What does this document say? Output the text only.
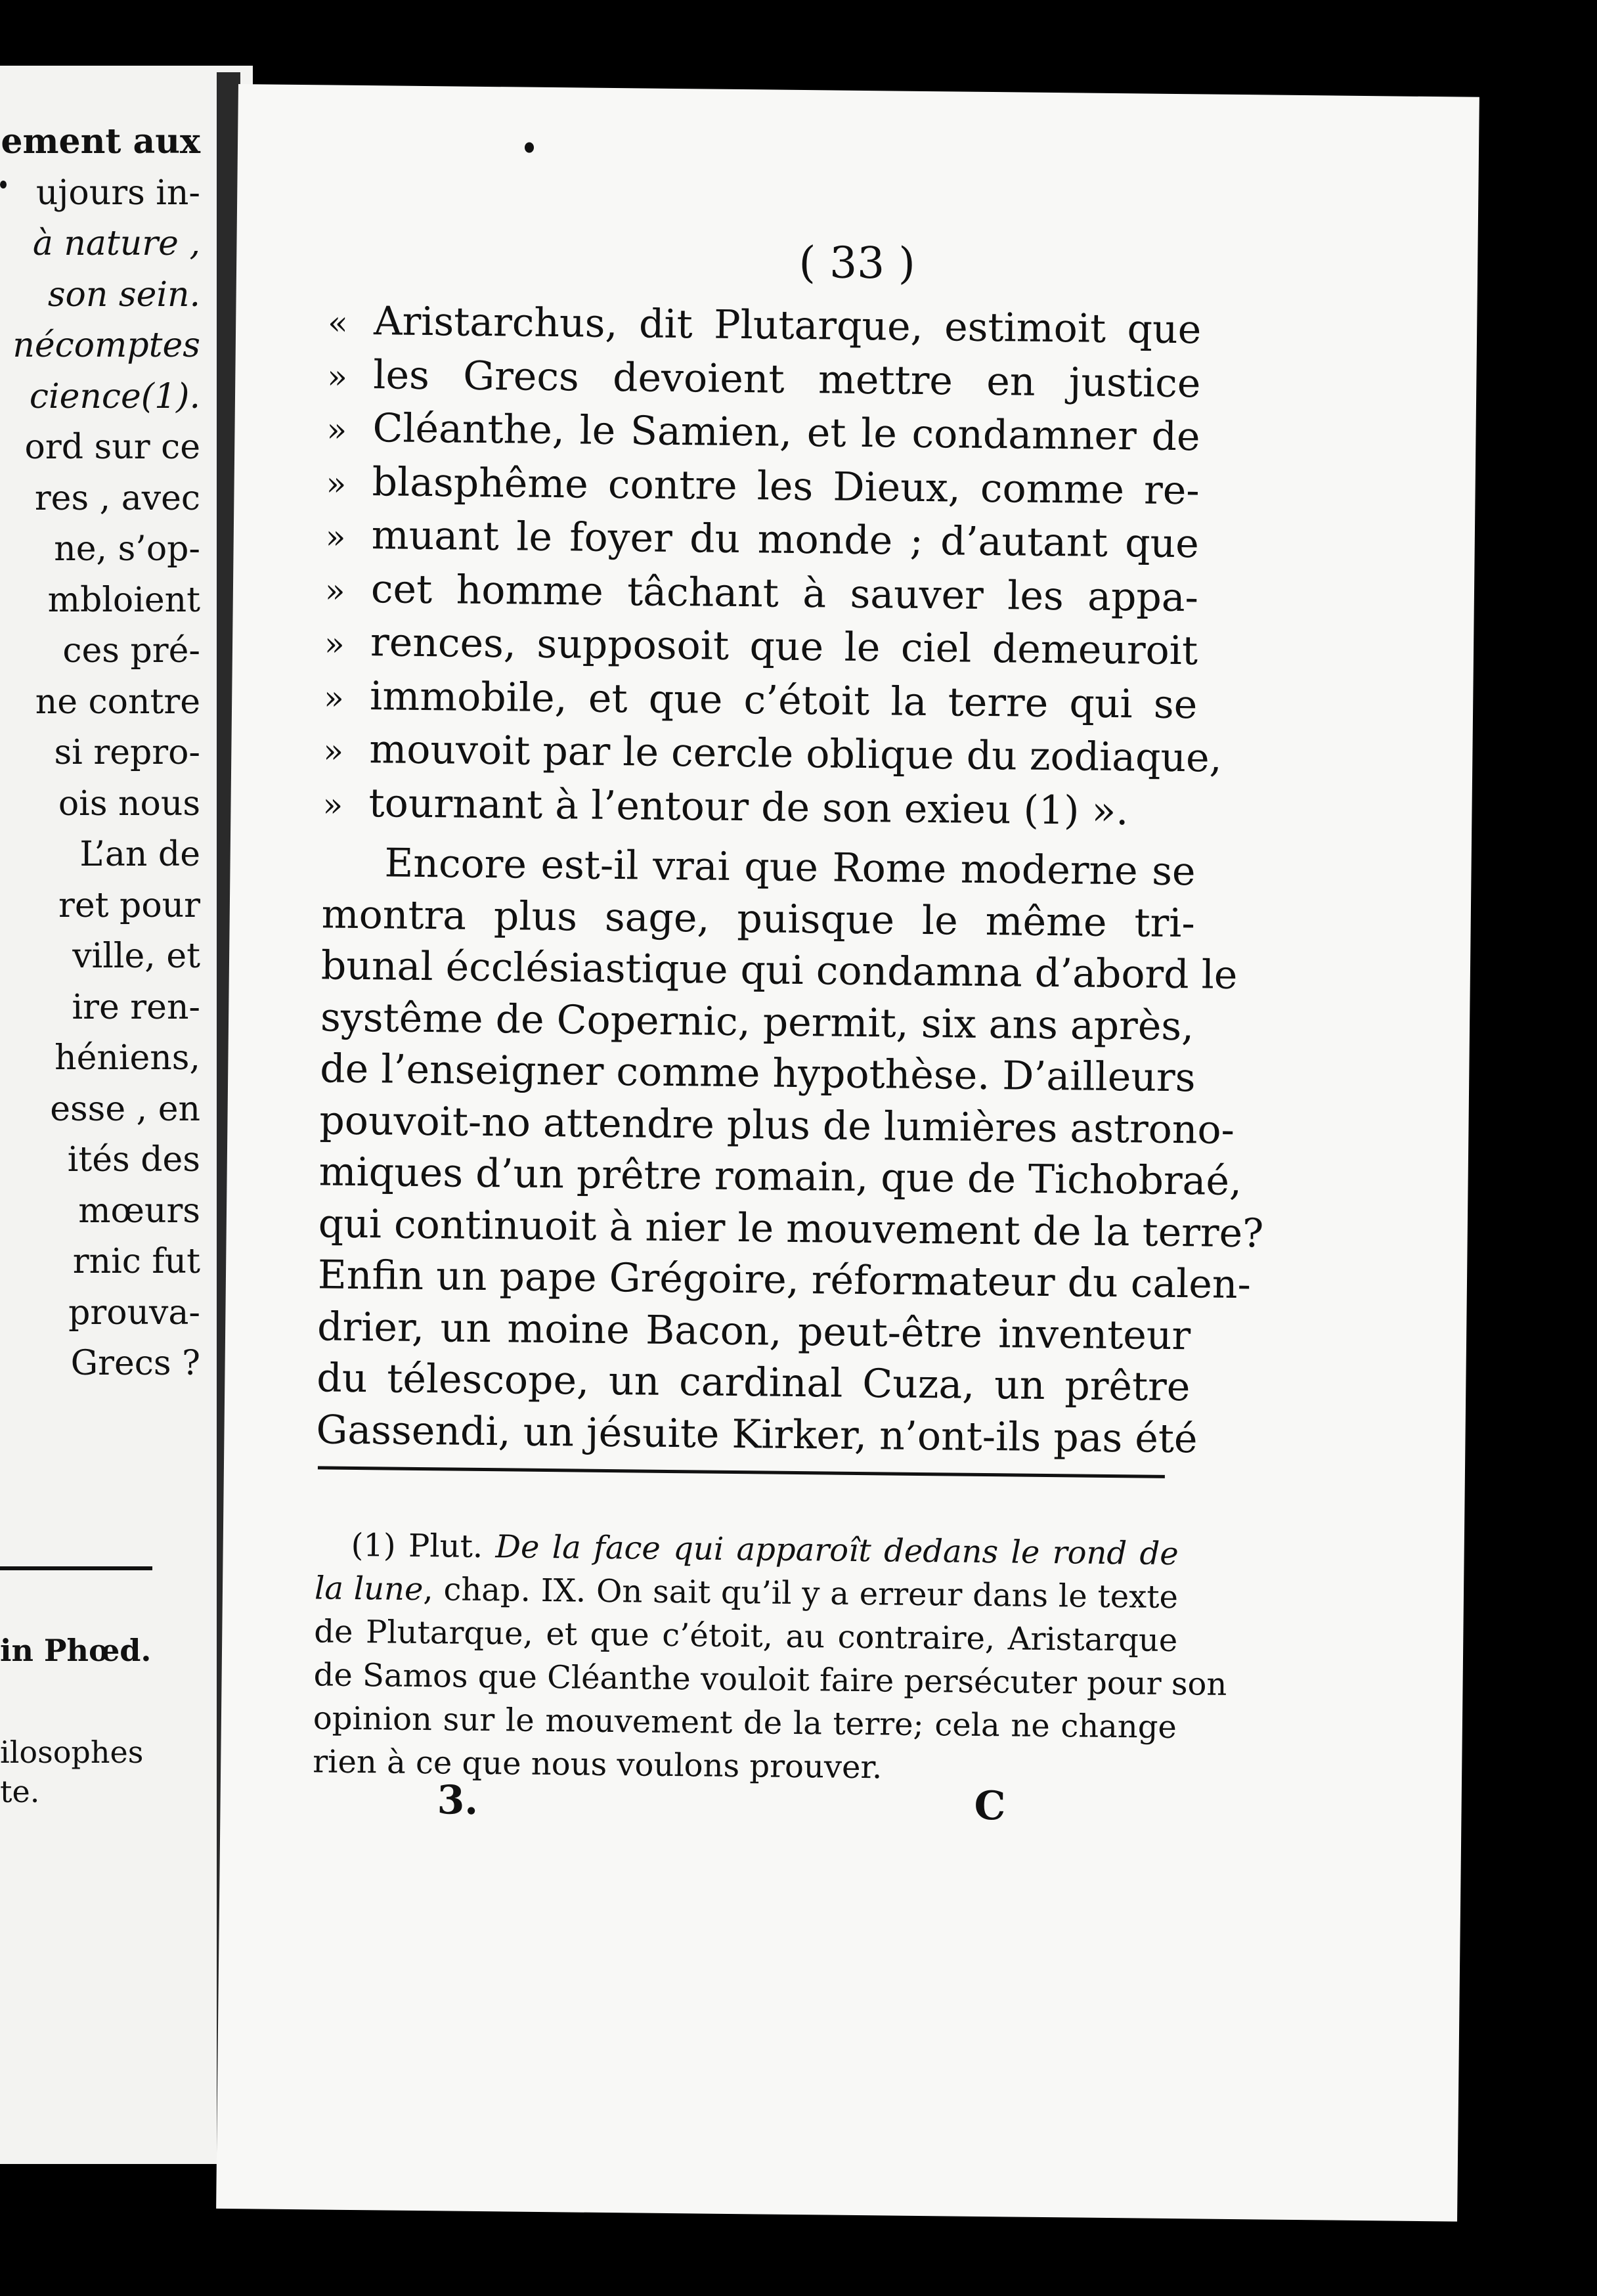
ement aux
ujours in-
à nature ,
son sein.
nécomptes
cience(1).
ord sur ce
res , avec
ne, s’op-
mbloient
ces pré-
ne contre
si repro-
ois nous
L’an de
ret pour
ville, et
ire ren-
héniens,
esse , en
ités des
mœurs
rnic fut
prouva-
Grecs ?
in Phœd.
ilosophes
te.
( 33 )
« Aristarchus, dit Plutarque, estimoit que
» les Grecs devoient mettre en justice
» Cléanthe, le Samien, et le condamner de
» blasphême contre les Dieux, comme re-
» muant le foyer du monde ; d’autant que
» cet homme tâchant à sauver les appa-
» rences, supposoit que le ciel demeuroit
» immobile, et que c’étoit la terre qui se
» mouvoit par le cercle oblique du zodiaque,
» tournant à l’entour de son exieu (1) ».
Encore est-il vrai que Rome moderne se
montra plus sage, puisque le même tri-
bunal écclésiastique qui condamna d’abord le
systême de Copernic, permit, six ans après,
de l’enseigner comme hypothèse. D’ailleurs
pouvoit-no attendre plus de lumières astrono-
miques d’un prêtre romain, que de Tichobraé,
qui continuoit à nier le mouvement de la terre?
Enfin un pape Grégoire, réformateur du calen-
drier, un moine Bacon, peut-être inventeur
du télescope, un cardinal Cuza, un prêtre
Gassendi, un jésuite Kirker, n’ont-ils pas été
(1) Plut. De la face qui apparoît dedans le rond de
la lune, chap. IX. On sait qu’il y a erreur dans le texte
de Plutarque, et que c’étoit, au contraire, Aristarque
de Samos que Cléanthe vouloit faire persécuter pour son
opinion sur le mouvement de la terre; cela ne change
rien à ce que nous voulons prouver.
3.	C
